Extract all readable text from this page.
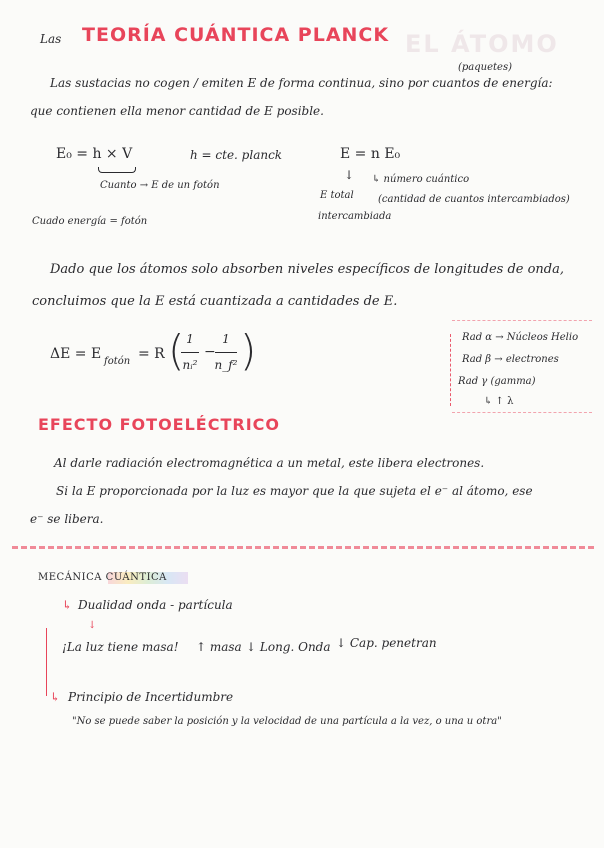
Las TEORÍA CUÁNTICA PLANCK EL ÁTOMO
(paquetes)
Las sustacias no cogen / emiten E de forma continua, sino por cuantos de energía:
que contienen ella menor cantidad de E posible.
E₀ = h × V	h = cte. planck	E = n E₀
Cuanto → E de un fotón
↓
E total
intercambiada
↳ número cuántico
(cantidad de cuantos intercambiados)
Cuado energía = fotón
Dado que los átomos solo absorben niveles específicos de longitudes de onda,
concluimos que la E está cuantizada a cantidades de E.
ΔE = E fotón = R ( 1
nᵢ²
−
1
n_f² )	Rad α → Núcleos Helio
Rad β → electrones
Rad γ (gamma)
↳ ↑ λ
EFECTO FOTOELÉCTRICO
Al darle radiación electromagnética a un metal, este libera electrones.
Si la E proporcionada por la luz es mayor que la que sujeta el e⁻ al átomo, ese
e⁻ se libera.
MECÁNICA CUÁNTICA
↳ Dualidad onda - partícula
↓
¡La luz tiene masa! ↑ masa ↓ Long. Onda ↓ Cap. penetran
↳ Principio de Incertidumbre
"No se puede saber la posición y la velocidad de una partícula a la vez, o una u otra"
